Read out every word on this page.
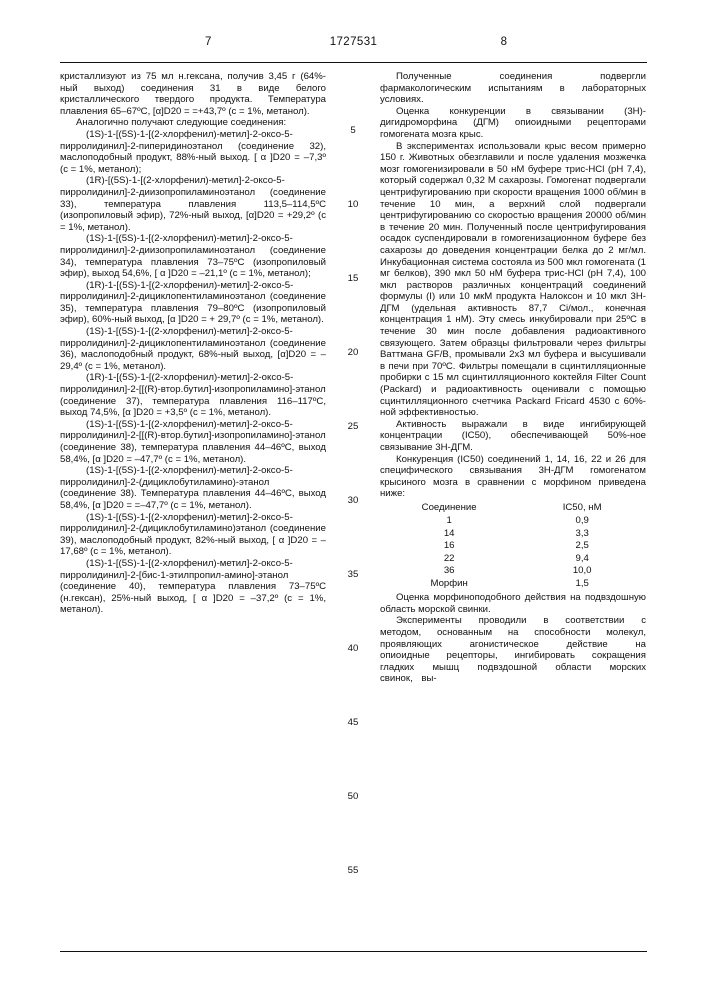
7	1727531	8

кристаллизуют из 75 мл н.гексана, получив 3,45 г (64%-ный выход) соединения 31 в виде белого кристаллического твердого продукта. Температура плавления 65–67ºС, [α]D20 = =+43,7º (с = 1%, метанол).

Аналогично получают следующие соединения:

(1S)-1-[(5S)-1-[(2-хлорфенил)-метил]-2-оксо-5-пирролидинил]-2-пиперидиноэтанол (соединение 32), маслоподобный продукт, 88%-ный выход. [ α ]D20 = –7,3º (с = 1%, метанол);

(1R)-[(5S)-1-[(2-хлорфенил)-метил]-2-оксо-5-пирролидинил]-2-диизопропиламиноэтанол (соединение 33), температура плавления 113,5–114,5ºС (изопропиловый эфир), 72%-ный выход, [α]D20 = +29,2º (с = 1%, метанол).

(1S)-1-[(5S)-1-[(2-хлорфенил)-метил]-2-оксо-5-пирролидинил]-2-диизопропиламиноэтанол (соединение 34), температура плавления 73–75ºС (изопропиловый эфир), выход 54,6%, [ α ]D20 = –21,1º (с = 1%, метанол);

(1R)-1-[(5S)-1-[(2-хлорфенил)-метил]-2-оксо-5-пирролидинил]-2-дициклопентиламиноэтанол (соединение 35), температура плавления 79–80ºС (изопропиловый эфир), 60%-ный выход, [α ]D20 = + 29,7º (с = 1%, метанол).

(1S)-1-[(5S)-1-[(2-хлорфенил)-метил]-2-оксо-5-пирролидинил]-2-дициклопентиламиноэтанол (соединение 36), маслоподобный продукт, 68%-ный выход, [α]D20 = –29,4º (с = 1%, метанол).

(1R)-1-[(5S)-1-[(2-хлорфенил)-метил]-2-оксо-5-пирролидинил]-2-[[(R)-втор.бутил]-изопропиламино]-этанол (соединение 37), температура плавления 116–117ºС, выход 74,5%, [α ]D20 = +3,5º (с = 1%, метанол).

(1S)-1-[(5S)-1-[(2-хлорфенил)-метил]-2-оксо-5-пирролидинил]-2-[[(R)-втор.бутил]-изопропиламино]-этанол (соединение 38), температура плавления 44–46ºС, выход 58,4%, [α ]D20 = –47,7º (с = 1%, метанол).

(1S)-1-[(5S)-1-[(2-хлорфенил)-метил]-2-оксо-5-пирролидинил]-2-(дициклобутиламино)-этанол (соединение 38). Температура плавления 44–46ºС, выход 58,4%, [α ]D20 = =–47,7º (с = 1%, метанол).

(1S)-1-[(5S)-1-[(2-хлорфенил)-метил]-2-оксо-5-пирролидинил]-2-(дициклобутиламино)этанол (соединение 39), маслоподобный продукт, 82%-ный выход, [ α ]D20 = –17,68º (с = 1%, метанол).

(1S)-1-[(5S)-1-[(2-хлорфенил)-метил]-2-оксо-5-пирролидинил]-2-[бис-1-этилпропил-амино]-этанол (соединение 40), температура плавления 73–75ºС (н.гексан), 25%-ный выход, [ α ]D20 = –37,2º (с = 1%, метанол).

5
10
15
20
25
30
35
40
45
50
55

Полученные соединения подвергли фармакологическим испытаниям в лабораторных условиях.

Оценка конкуренции в связывании (3H)-дигидроморфина (ДГМ) опиоидными рецепторами гомогената мозга крыс.

В экспериментах использовали крыс весом примерно 150 г. Животных обезглавили и после удаления мозжечка мозг гомогенизировали в 50 нМ буфере трис-HCl (рН 7,4), который содержал 0,32 М сахарозы. Гомогенат подвергали центрифугированию при скорости вращения 1000 об/мин в течение 10 мин, а верхний слой подвергали центрифугированию со скоростью вращения 20000 об/мин в течение 20 мин. Полученный после центрифугирования осадок суспендировали в гомогенизационном буфере без сахарозы до доведения концентрации белка до 2 мг/мл. Инкубационная система состояла из 500 мкл гомогената (1 мг белков), 390 мкл 50 нМ буфера трис-HCl (рН 7,4), 100 мкл растворов различных концентраций соединений формулы (I) или 10 мкМ продукта Налоксон и 10 мкл 3H-ДГМ (удельная активность 87,7 Ci/мол., конечная концентрация 1 нМ). Эту смесь инкубировали при 25ºС в течение 30 мин после добавления радиоактивного связующего. Затем образцы фильтровали через фильтры Ваттмана GF/B, промывали 2x3 мл буфера и высушивали в печи при 70ºС. Фильтры помещали в сцинтилляционные пробирки с 15 мл сцинтилляционного коктейля Filter Count (Packard) и радиоактивность оценивали с помощью сцинтилляционного счетчика Packard Fricard 4530 с 60%-ной эффективностью.

Активность выражали в виде ингибирующей концентрации (IC50), обеспечивающей 50%-ное связывание 3H-ДГМ.

Конкуренция (IC50) соединений 1, 14, 16, 22 и 26 для специфического связывания 3H-ДГМ гомогенатом крысиного мозга в сравнении с морфином приведена ниже:

Соединение	IC50, нМ
1	0,9
14	3,3
16	2,5
22	9,4
36	10,0
Морфин	1,5

Оценка морфиноподобного действия на подвздошную область морской свинки.

Эксперименты проводили в соответствии с методом, основанным на способности молекул, проявляющих агонистическое действие на опиоидные рецепторы, ингибировать сокращения гладких мышц подвздошной области морских свинок, вы-
